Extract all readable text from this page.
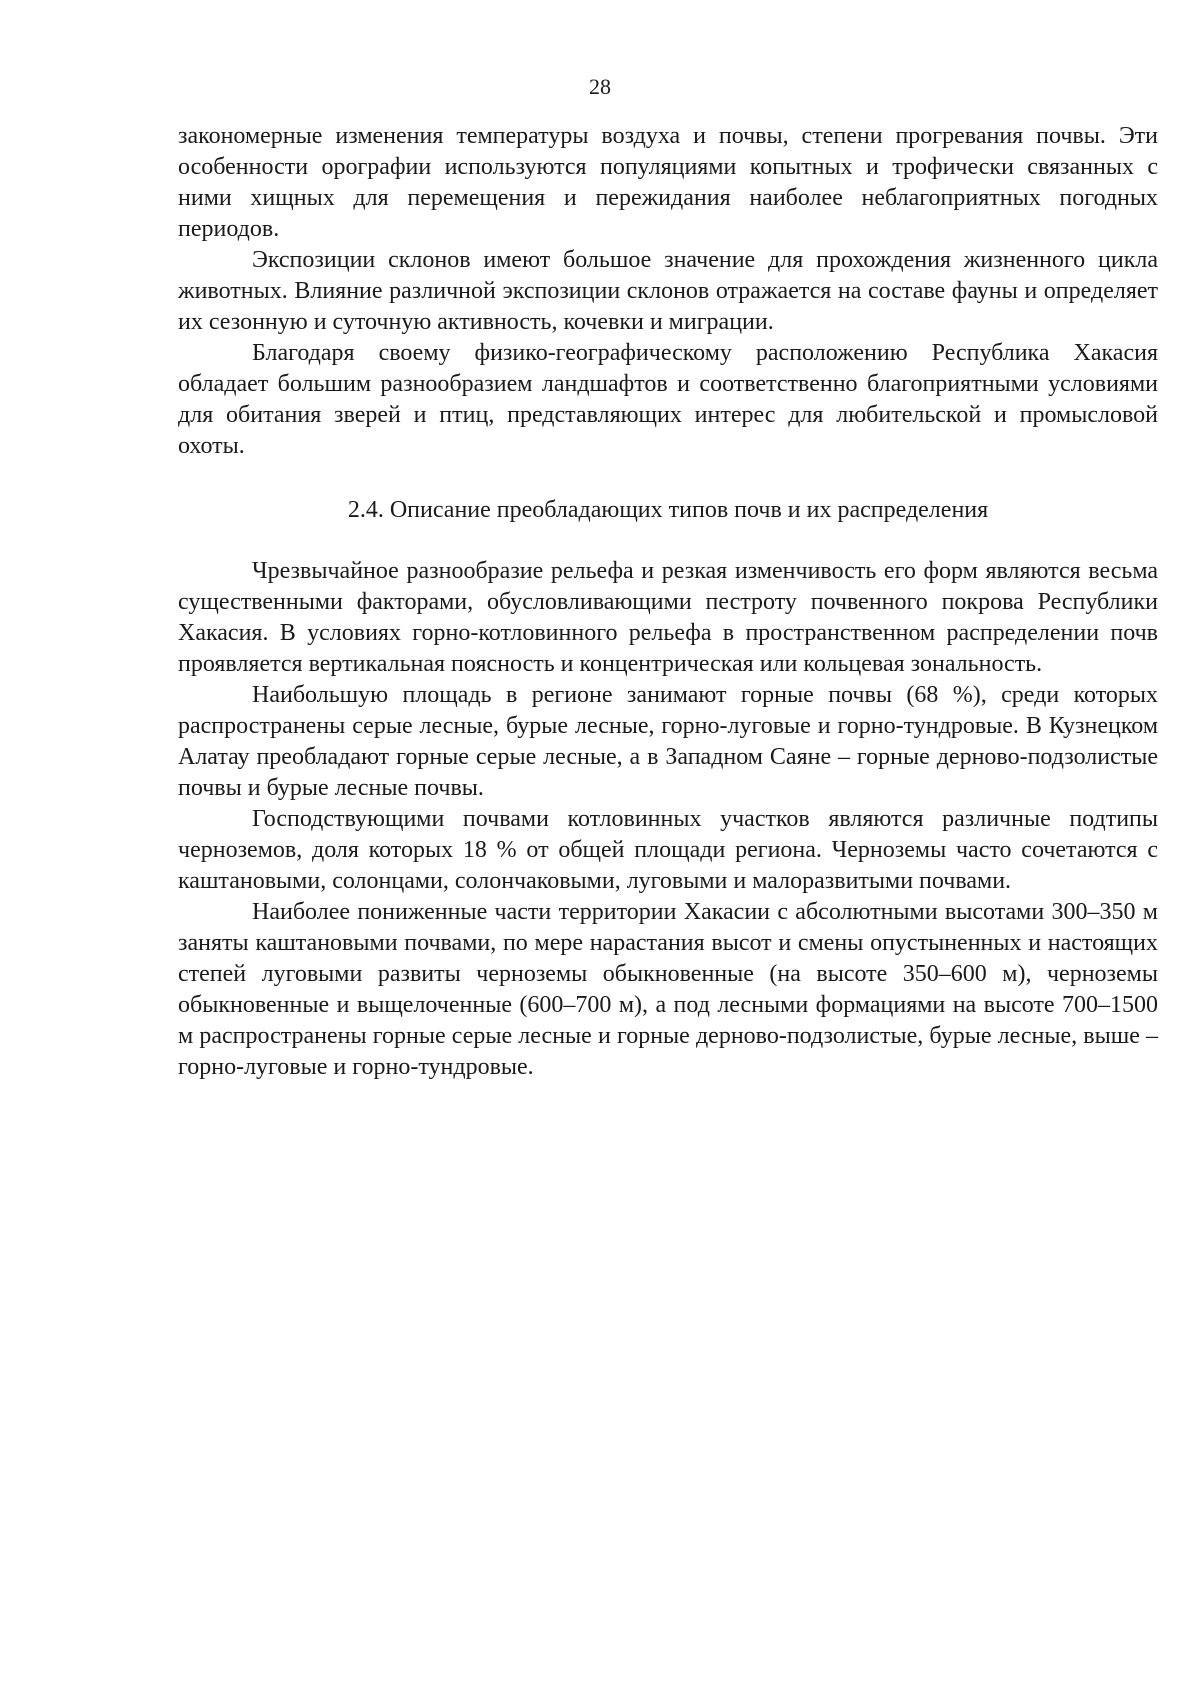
28

закономерные изменения температуры воздуха и почвы, степени прогревания почвы. Эти особенности орографии используются популяциями копытных и трофически связанных с ними хищных для перемещения и пережидания наиболее неблагоприятных погодных периодов.

Экспозиции склонов имеют большое значение для прохождения жизненного цикла животных. Влияние различной экспозиции склонов отражается на составе фауны и определяет их сезонную и суточную активность, кочевки и миграции.

Благодаря своему физико-географическому расположению Республика Хакасия обладает большим разнообразием ландшафтов и соответственно благоприятными условиями для обитания зверей и птиц, представляющих интерес для любительской и промысловой охоты.

2.4. Описание преобладающих типов почв и их распределения

Чрезвычайное разнообразие рельефа и резкая изменчивость его форм являются весьма существенными факторами, обусловливающими пестроту почвенного покрова Республики Хакасия. В условиях горно-котловинного рельефа в пространственном распределении почв проявляется вертикальная поясность и концентрическая или кольцевая зональность.

Наибольшую площадь в регионе занимают горные почвы (68 %), среди которых распространены серые лесные, бурые лесные, горно-луговые и горно-тундровые. В Кузнецком Алатау преобладают горные серые лесные, а в Западном Саяне – горные дерново-подзолистые почвы и бурые лесные почвы.

Господствующими почвами котловинных участков являются различные подтипы черноземов, доля которых 18 % от общей площади региона. Черноземы часто сочетаются с каштановыми, солонцами, солончаковыми, луговыми и малоразвитыми почвами.

Наиболее пониженные части территории Хакасии с абсолютными высотами 300–350 м заняты каштановыми почвами, по мере нарастания высот и смены опустыненных и настоящих степей луговыми развиты черноземы обыкновенные (на высоте 350–600 м), черноземы обыкновенные и выщелоченные (600–700 м), а под лесными формациями на высоте 700–1500 м распространены горные серые лесные и горные дерново-подзолистые, бурые лесные, выше – горно-луговые и горно-тундровые.
